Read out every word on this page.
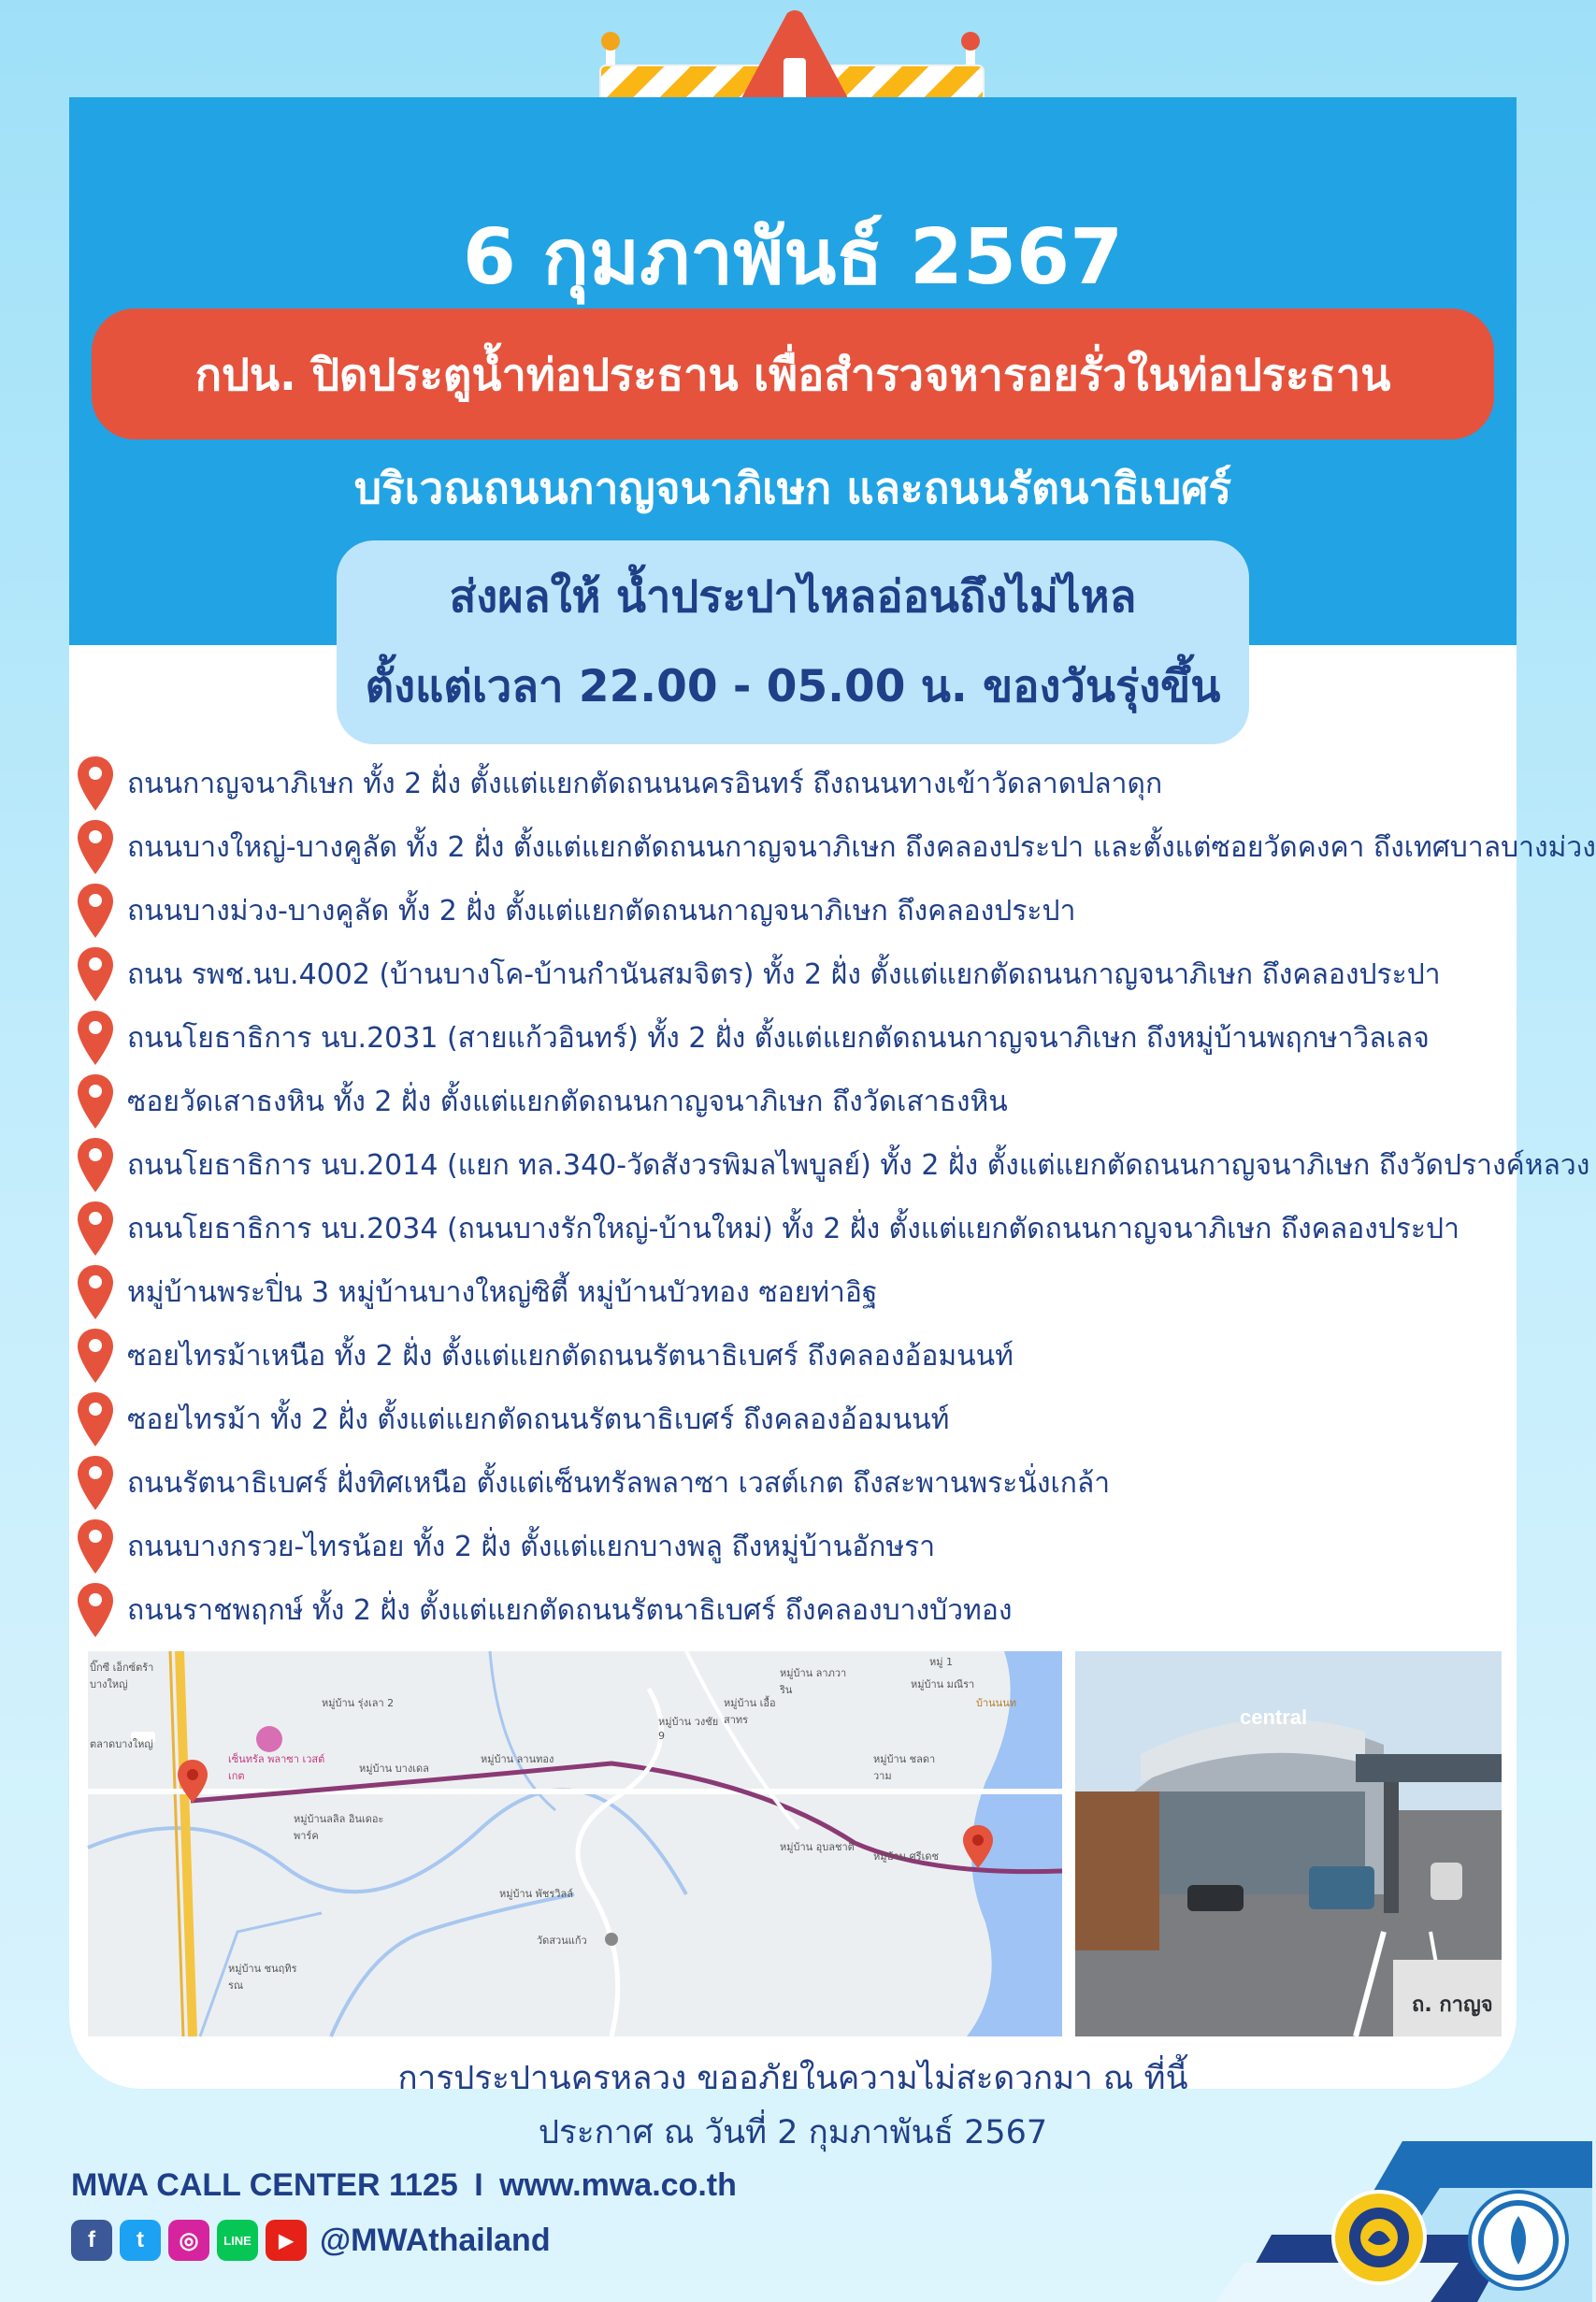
6 กุมภาพันธ์ 2567
กปน. ปิดประตูน้ำท่อประธาน เพื่อสำรวจหารอยรั่วในท่อประธาน
บริเวณถนนกาญจนาภิเษก และถนนรัตนาธิเบศร์
ส่งผลให้ น้ำประปาไหลอ่อนถึงไม่ไหล
ตั้งแต่เวลา 22.00 - 05.00 น. ของวันรุ่งขึ้น
ถนนกาญจนาภิเษก ทั้ง 2 ฝั่ง ตั้งแต่แยกตัดถนนนครอินทร์ ถึงถนนทางเข้าวัดลาดปลาดุก
ถนนบางใหญ่-บางคูลัด ทั้ง 2 ฝั่ง ตั้งแต่แยกตัดถนนกาญจนาภิเษก ถึงคลองประปา และตั้งแต่ซอยวัดคงคา ถึงเทศบาลบางม่วง
ถนนบางม่วง-บางคูลัด ทั้ง 2 ฝั่ง ตั้งแต่แยกตัดถนนกาญจนาภิเษก ถึงคลองประปา
ถนน รพช.นบ.4002 (บ้านบางโค-บ้านกำนันสมจิตร) ทั้ง 2 ฝั่ง ตั้งแต่แยกตัดถนนกาญจนาภิเษก ถึงคลองประปา
ถนนโยธาธิการ นบ.2031 (สายแก้วอินทร์) ทั้ง 2 ฝั่ง ตั้งแต่แยกตัดถนนกาญจนาภิเษก ถึงหมู่บ้านพฤกษาวิลเลจ
ซอยวัดเสาธงหิน ทั้ง 2 ฝั่ง ตั้งแต่แยกตัดถนนกาญจนาภิเษก ถึงวัดเสาธงหิน
ถนนโยธาธิการ นบ.2014 (แยก ทล.340-วัดสังวรพิมลไพบูลย์) ทั้ง 2 ฝั่ง ตั้งแต่แยกตัดถนนกาญจนาภิเษก ถึงวัดปรางค์หลวง
ถนนโยธาธิการ นบ.2034 (ถนนบางรักใหญ่-บ้านใหม่) ทั้ง 2 ฝั่ง ตั้งแต่แยกตัดถนนกาญจนาภิเษก ถึงคลองประปา
หมู่บ้านพระปิ่น 3 หมู่บ้านบางใหญ่ซิตี้ หมู่บ้านบัวทอง ซอยท่าอิฐ
ซอยไทรม้าเหนือ ทั้ง 2 ฝั่ง ตั้งแต่แยกตัดถนนรัตนาธิเบศร์ ถึงคลองอ้อมนนท์
ซอยไทรม้า ทั้ง 2 ฝั่ง ตั้งแต่แยกตัดถนนรัตนาธิเบศร์ ถึงคลองอ้อมนนท์
ถนนรัตนาธิเบศร์ ฝั่งทิศเหนือ ตั้งแต่เซ็นทรัลพลาซา เวสต์เกต ถึงสะพานพระนั่งเกล้า
ถนนบางกรวย-ไทรน้อย ทั้ง 2 ฝั่ง ตั้งแต่แยกบางพลู ถึงหมู่บ้านอักษรา
ถนนราชพฤกษ์ ทั้ง 2 ฝั่ง ตั้งแต่แยกตัดถนนรัตนาธิเบศร์ ถึงคลองบางบัวทอง
บิ๊กซี เอ็กซ์ตร้า บางใหญ่
ตลาดบางใหญ่
เซ็นทรัล พลาซา เวสต์เกต
หมู่บ้าน รุ่งเลา 2
หมู่บ้าน บางเดล
หมู่บ้านลลิล อินเดอะพาร์ค
หมู่บ้าน ลานทอง
หมู่บ้าน วงชัย 9
หมู่บ้าน ลาภวาริน
หมู่บ้าน เอื้อสาทร
หมู่ 1
หมู่บ้าน มณีรา
บ้านนนท
หมู่บ้าน ชลดาวาม
หมู่บ้าน พัชรวิลล์
วัดสวนแก้ว
หมู่บ้าน อุบลชาติ
หมู่บ้าน ศรีเดช
หมู่บ้าน ชนฤทิรรณ
central
ถ. กาญจ
การประปานครหลวง ขออภัยในความไม่สะดวกมา ณ ที่นี้
ประกาศ ณ วันที่ 2 กุมภาพันธ์ 2567
MWA CALL CENTER 1125 I www.mwa.co.th
f	t	◎	LINE	▶ @MWAthailand
